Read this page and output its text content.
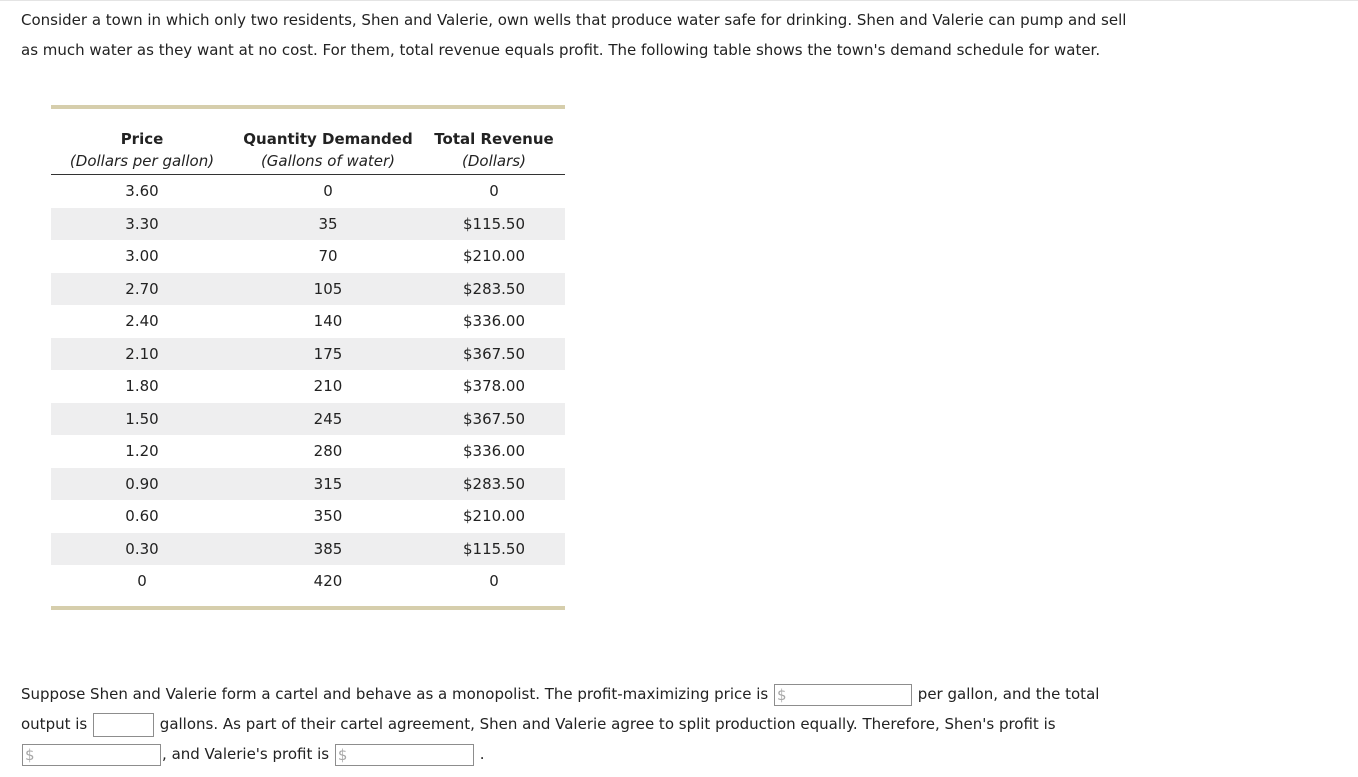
Consider a town in which only two residents, Shen and Valerie, own wells that produce water safe for drinking. Shen and Valerie can pump and sell as much water as they want at no cost. For them, total revenue equals profit. The following table shows the town's demand schedule for water.

Price	Quantity Demanded	Total Revenue
(Dollars per gallon)	(Gallons of water)	(Dollars)
3.60	0	0
3.30	35	$115.50
3.00	70	$210.00
2.70	105	$283.50
2.40	140	$336.00
2.10	175	$367.50
1.80	210	$378.00
1.50	245	$367.50
1.20	280	$336.00
0.90	315	$283.50
0.60	350	$210.00
0.30	385	$115.50
0	420	0

Suppose Shen and Valerie form a cartel and behave as a monopolist. The profit-maximizing price is $	per gallon, and the total output is	gallons. As part of their cartel agreement, Shen and Valerie agree to split production equally. Therefore, Shen's profit is
$	, and Valerie's profit is $	.
